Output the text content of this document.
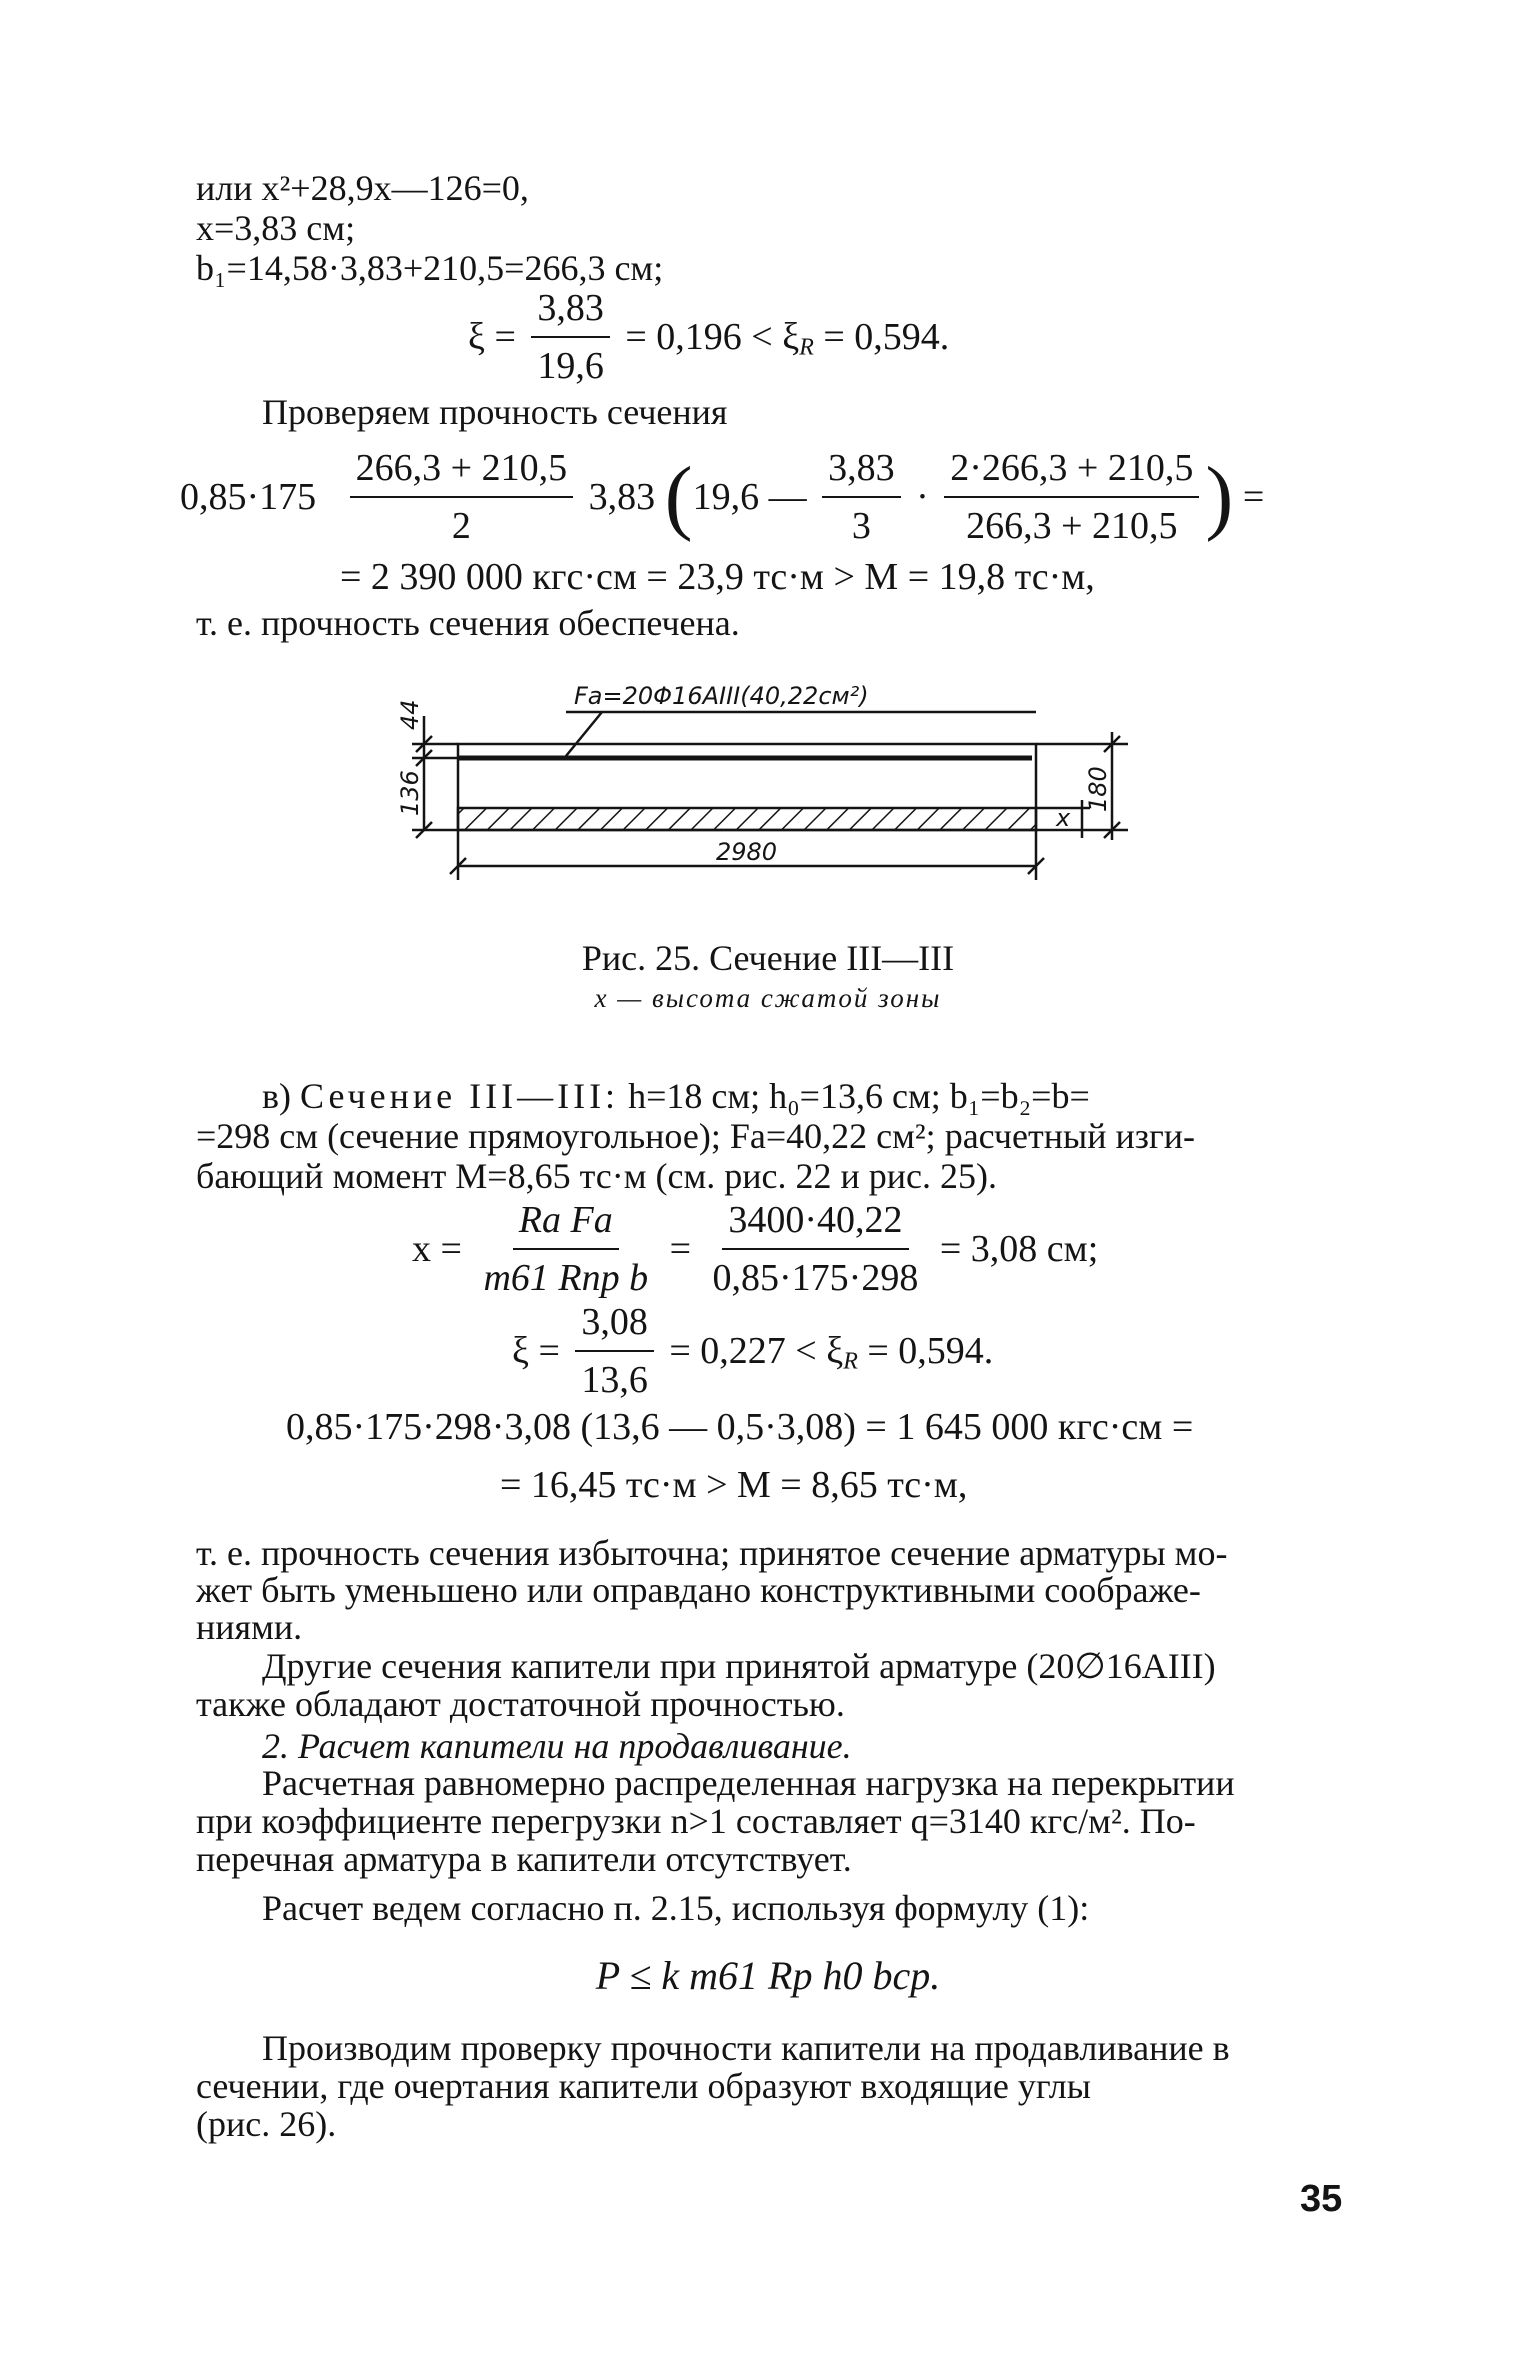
или x²+28,9x—126=0,
x=3,83 см;
b₁=14,58·3,83+210,5=266,3 см;
$\xi = \frac{3,83}{19,6} = 0,196 < \xi_R = 0,594$.
Проверяем прочность сечения
$0,85\cdot 175 \frac{266,3 + 210,5}{2} 3,83$ (19,6 — $\frac{3,83}{3} \cdot \frac{2\cdot 266,3 + 210,5}{266,3 + 210,5}$ ) =
= 2 390 000 кгс·см = 23,9 тс·м > M = 19,8 тс·м,
т. е. прочность сечения обеспечена.
Fa=20Φ16AIII(40,22см²)
44
136	180
x
2980
Рис. 25. Сечение III—III
x — высота сжатой зоны
в) Сечение III—III: h=18 см; h₀=13,6 см; b₁=b₂=b=
=298 см (сечение прямоугольное); Fa=40,22 см²; расчетный изги-
бающий момент M=8,65 тс·м (см. рис. 22 и рис. 25).
$x = \frac{\text{Ra Fa}}{\text{m61 Rпр b}} = \frac{3400\cdot 40,22}{0,85\cdot 175\cdot 298} = 3,08$ см;
$\xi = \frac{3,08}{13,6} = 0,227 < \xi_R = 0,594$.
0,85·175·298·3,08 (13,6 — 0,5·3,08) = 1 645 000 кгс·см =
= 16,45 тс·м > M = 8,65 тс·м,
т. е. прочность сечения избыточна; принятое сечение арматуры мо-
жет быть уменьшено или оправдано конструктивными соображе-
ниями.
Другие сечения капители при принятой арматуре (20∅16AIII)
также обладают достаточной прочностью.
2. Расчет капители на продавливание.
Расчетная равномерно распределенная нагрузка на перекрытии
при коэффициенте перегрузки n>1 составляет q=3140 кгс/м². По-
перечная арматура в капители отсутствует.
Расчет ведем согласно п. 2.15, используя формулу (1):
P ≤ k m61 Rp h0 bср.
Производим проверку прочности капители на продавливание в
сечении, где очертания капители образуют входящие углы
(рис. 26).
35
